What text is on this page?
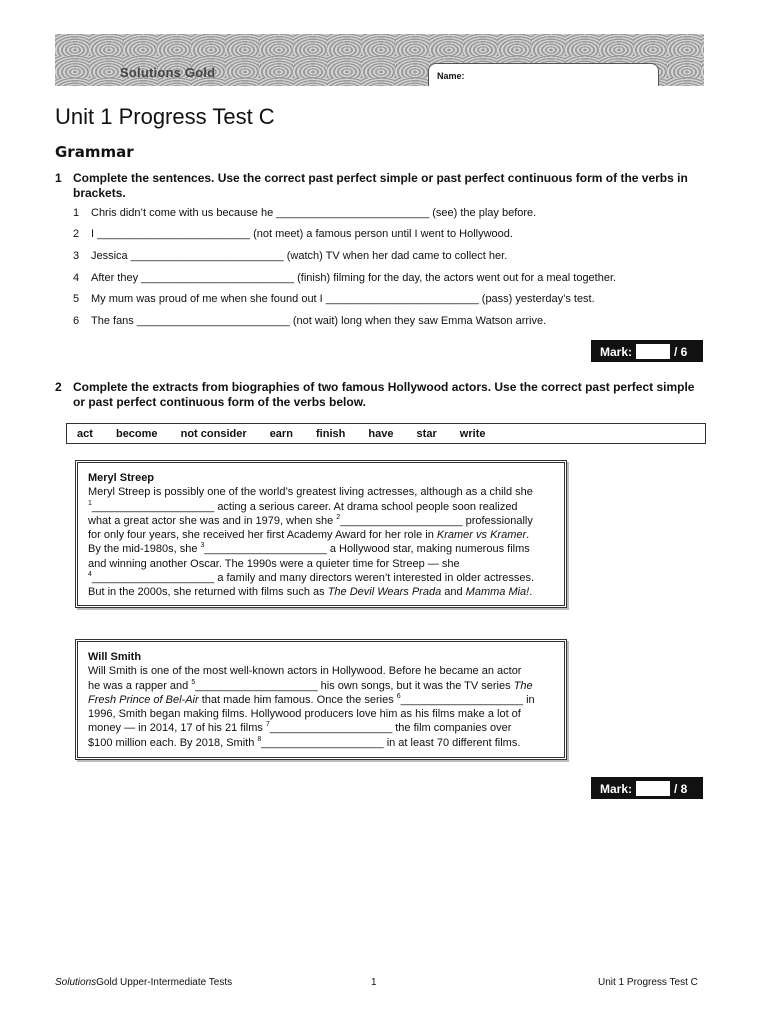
Solutions Gold	Name:
Unit 1 Progress Test C
Grammar
1 Complete the sentences. Use the correct past perfect simple or past perfect continuous form of the verbs in brackets.
1 Chris didn’t come with us because he _________________________ (see) the play before.
2 I _________________________ (not meet) a famous person until I went to Hollywood.
3 Jessica _________________________ (watch) TV when her dad came to collect her.
4 After they _________________________ (finish) filming for the day, the actors went out for a meal together.
5 My mum was proud of me when she found out I _________________________ (pass) yesterday’s test.
6 The fans _________________________ (not wait) long when they saw Emma Watson arrive.
Mark:	/ 6
2 Complete the extracts from biographies of two famous Hollywood actors. Use the correct past perfect simple or past perfect continuous form of the verbs below.
act become not consider earn finish have star write

Meryl Streep

Meryl Streep is possibly one of the world’s greatest living actresses, although as a child she

$^1$____________________ acting a serious career. At drama school people soon realized

what a great actor she was and in 1979, when she $^2$____________________ professionally

for only four years, she received her first Academy Award for her role in Kramer vs Kramer.

By the mid-1980s, she $^3$____________________ a Hollywood star, making numerous films

and winning another Oscar. The 1990s were a quieter time for Streep — she

$^4$____________________ a family and many directors weren’t interested in older actresses.

But in the 2000s, she returned with films such as The Devil Wears Prada and Mamma Mia!.

Will Smith

Will Smith is one of the most well-known actors in Hollywood. Before he became an actor

he was a rapper and $^5$____________________ his own songs, but it was the TV series The

Fresh Prince of Bel-Air that made him famous. Once the series $^6$____________________ in

1996, Smith began making films. Hollywood producers love him as his films make a lot of

money — in 2014, 17 of his 21 films $^7$____________________ the film companies over

$100 million each. By 2018, Smith $^8$____________________ in at least 70 different films.

Mark:	/ 8
SolutionsGold Upper-Intermediate Tests	1	Unit 1 Progress Test C
